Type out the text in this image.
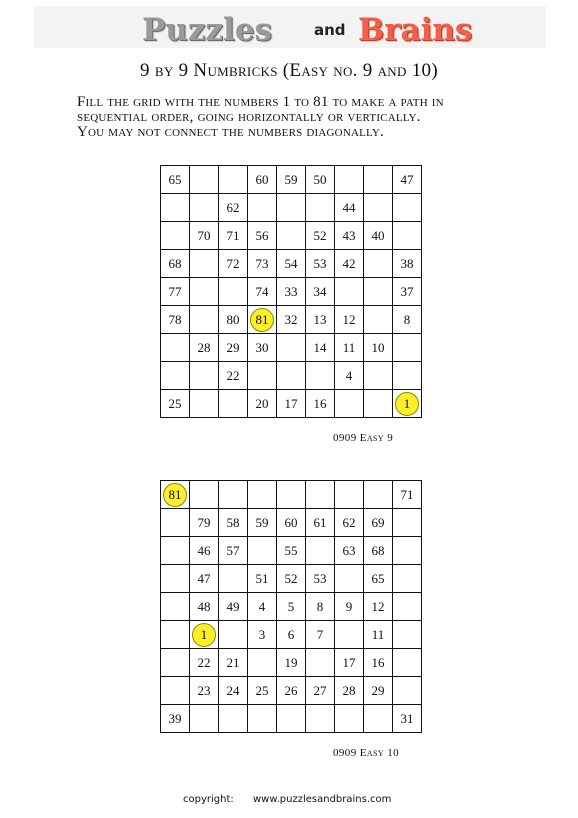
Puzzles	and Brains
9 by 9 Numbricks (Easy no. 9 and 10)
Fill the grid with the numbers 1 to 81 to make a path in
sequential order, going horizontally or vertically.
You may not connect the numbers diagonally.
65			60	59	50			47
		62				44		
	70	71	56		52	43	40	
68		72	73	54	53	42		38
77			74	33	34			37
78		80	81	32	13	12		8
	28	29	30		14	11	10	
		22				4		
25			20	17	16			1
0909 Easy 9
81								71
	79	58	59	60	61	62	69	
	46	57		55		63	68	
	47		51	52	53		65	
	48	49	4	5	8	9	12	
	1		3	6	7		11	
	22	21		19		17	16	
	23	24	25	26	27	28	29	
39								31
0909 Easy 10
copyright: www.puzzlesandbrains.com
